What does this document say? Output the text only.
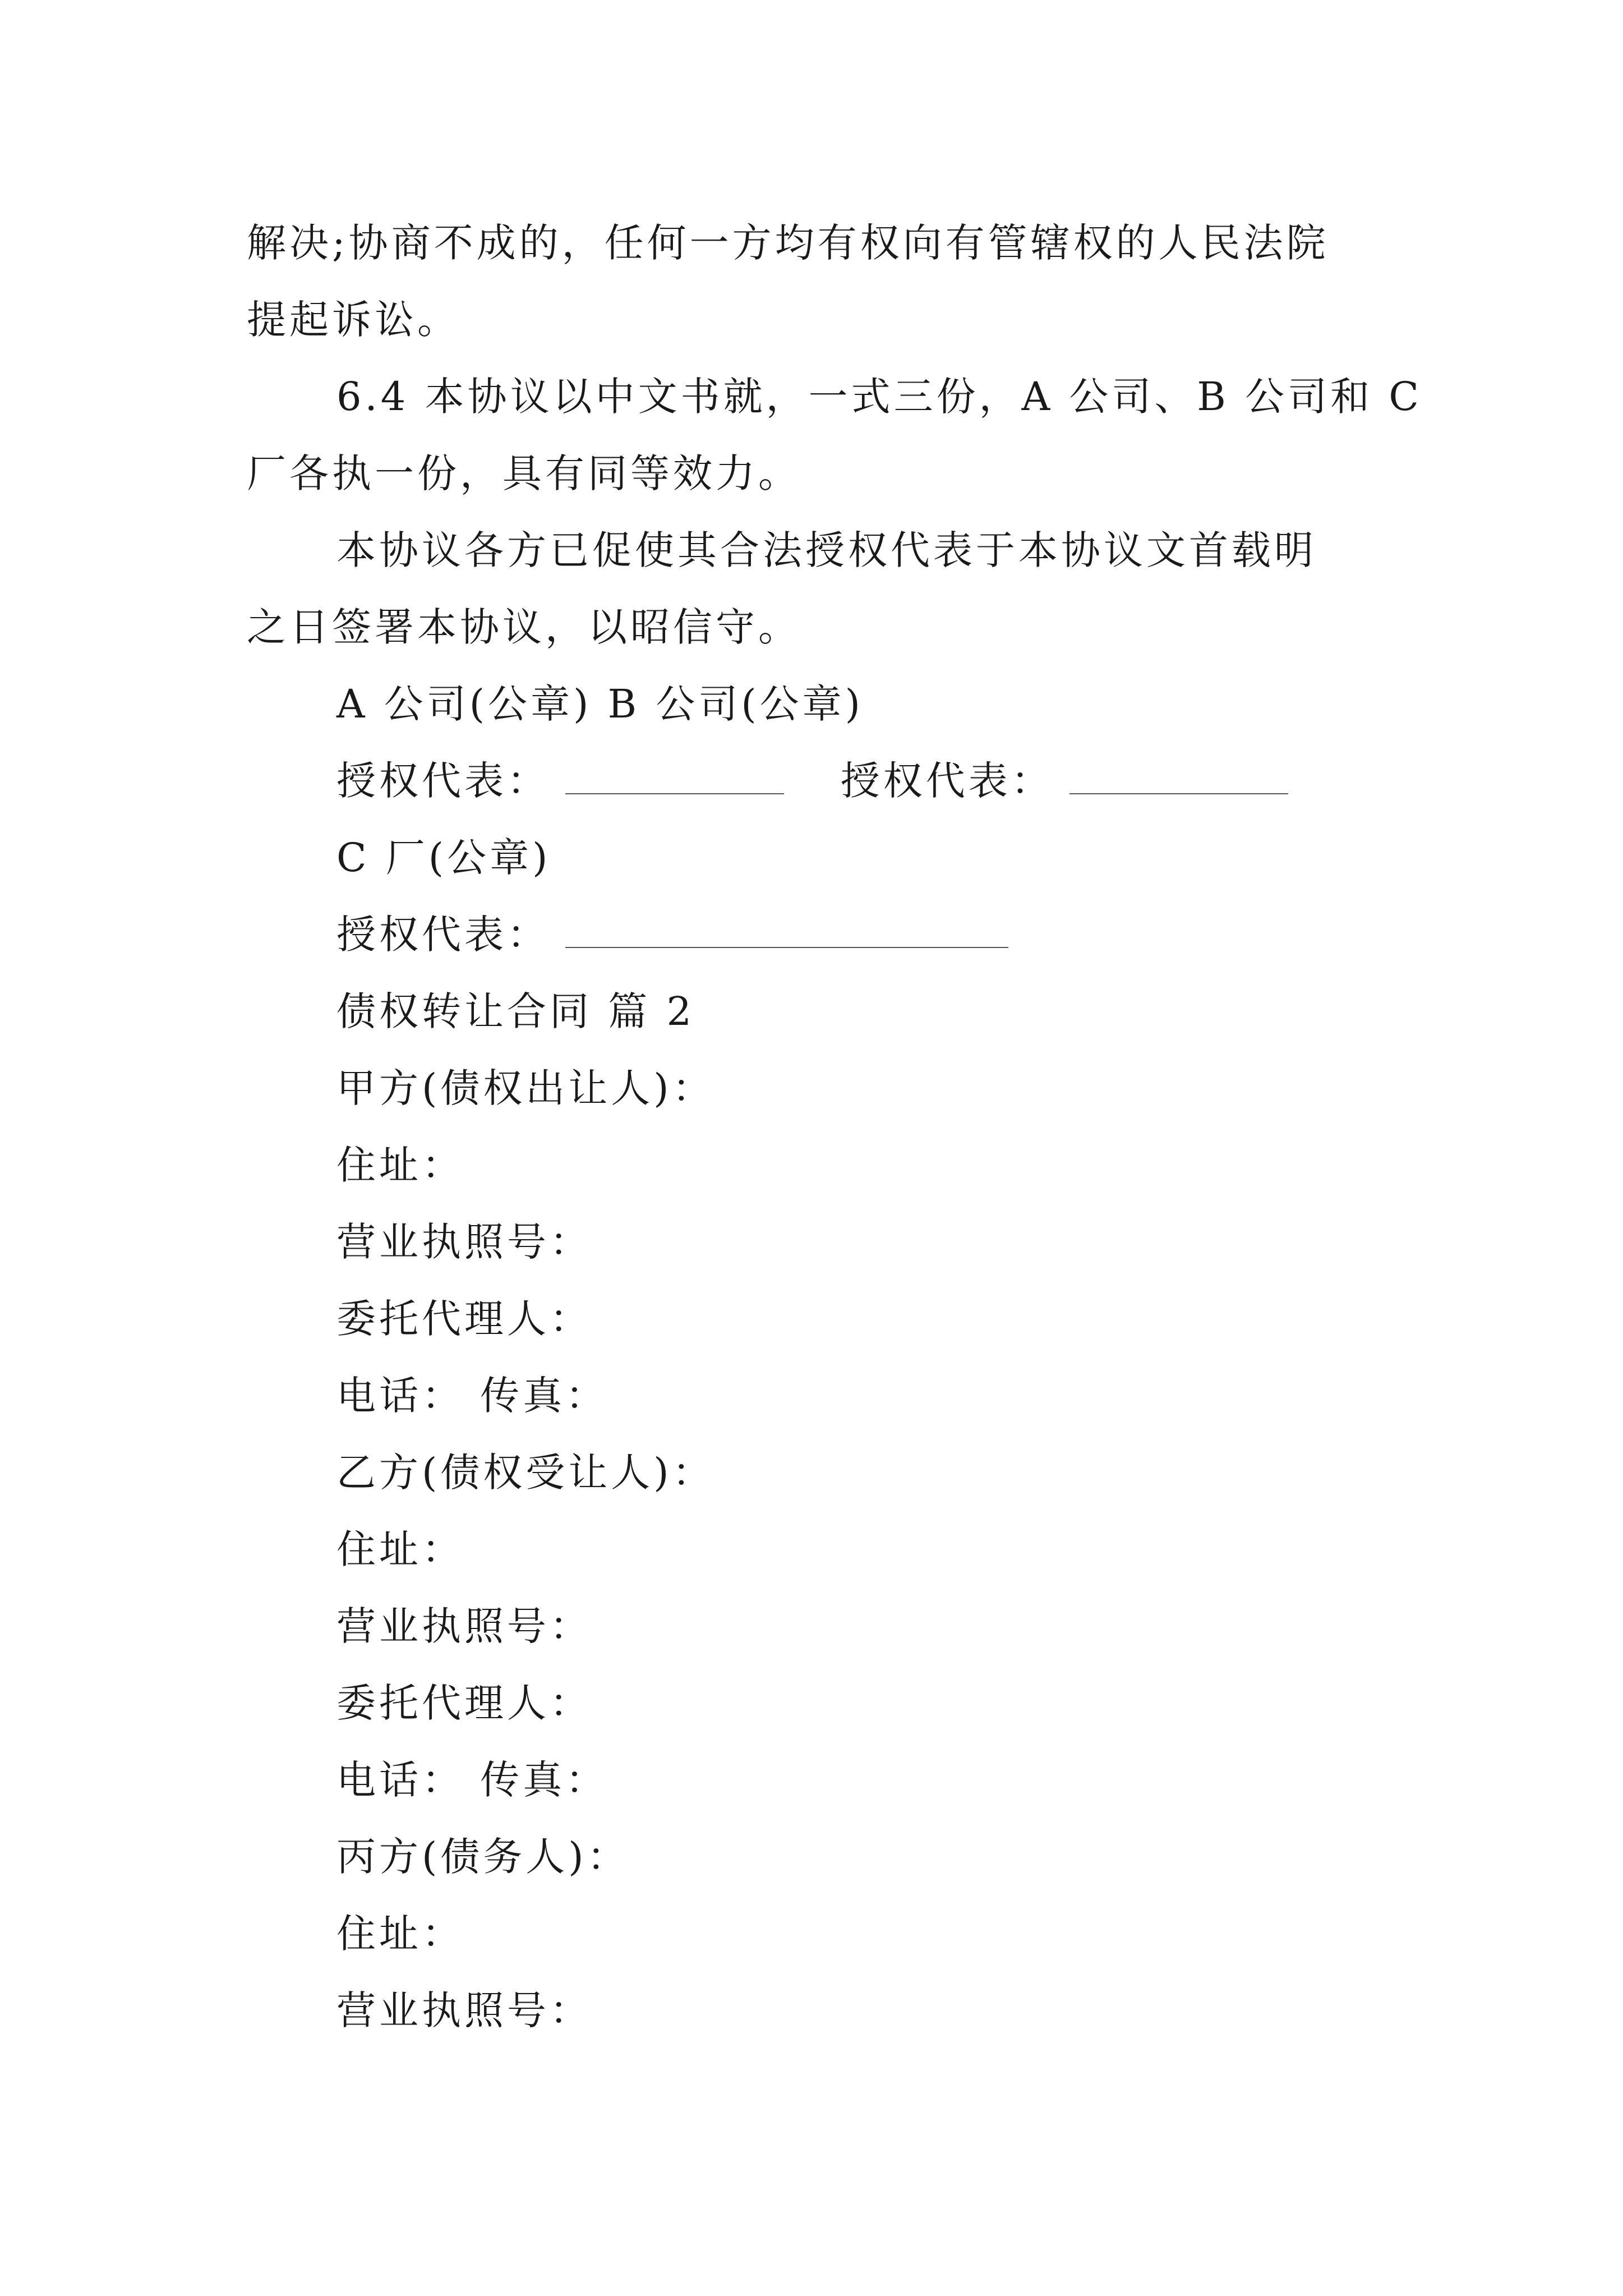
解决;协商不成的，任何一方均有权向有管辖权的人民法院
提起诉讼。
6.4 本协议以中文书就，一式三份，A 公司、B 公司和 C
厂各执一份，具有同等效力。
本协议各方已促使其合法授权代表于本协议文首载明
之日签署本协议，以昭信守。
A 公司(公章) B 公司(公章)
授权代表：	授权代表：
C 厂(公章)
授权代表：
债权转让合同 篇 2
甲方(债权出让人)：
住址：
营业执照号：
委托代理人：
电话： 传真：
乙方(债权受让人)：
住址：
营业执照号：
委托代理人：
电话： 传真：
丙方(债务人)：
住址：
营业执照号：
